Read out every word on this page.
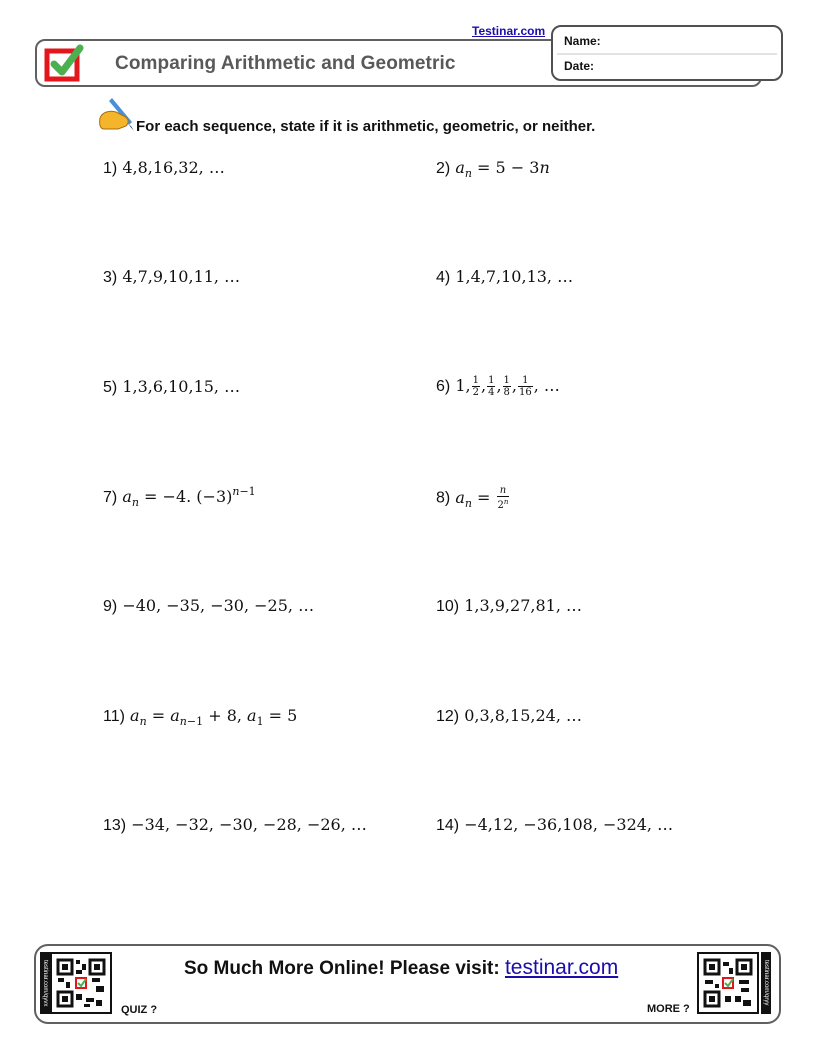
Comparing Arithmetic and Geometric
Testinar.com
Name:
Date:
For each sequence, state if it is arithmetic, geometric, or neither.
1) 4,8,16,32, …	2) $a_n = 5 - 3n$
3) 4,7,9,10,11, …	4) 1,4,7,10,13, …
5) 1,3,6,10,15, …	6) 1, $\frac{1}{2}$ , $\frac{1}{4}$ , $\frac{1}{8}$ , $\frac{1}{16}$ , …
7) $a_n = -4$. $(-3)^{n-1}$	8) $a_n = \frac{n}{2^n}$
9) −40, −35, −30, −25, …	10) 1,3,9,27,81, …
11) $a_n = a_{n-1} + 8$, $a_1 = 5$	12) 0,3,8,15,24, …
13) −34, −32, −30, −28, −26, …	14) −4,12, −36,108, −324, …
testinar.com/qyvx
QUIZ ?
So Much More Online! Please visit: testinar.com
MORE ?
testinar.com/qryy
